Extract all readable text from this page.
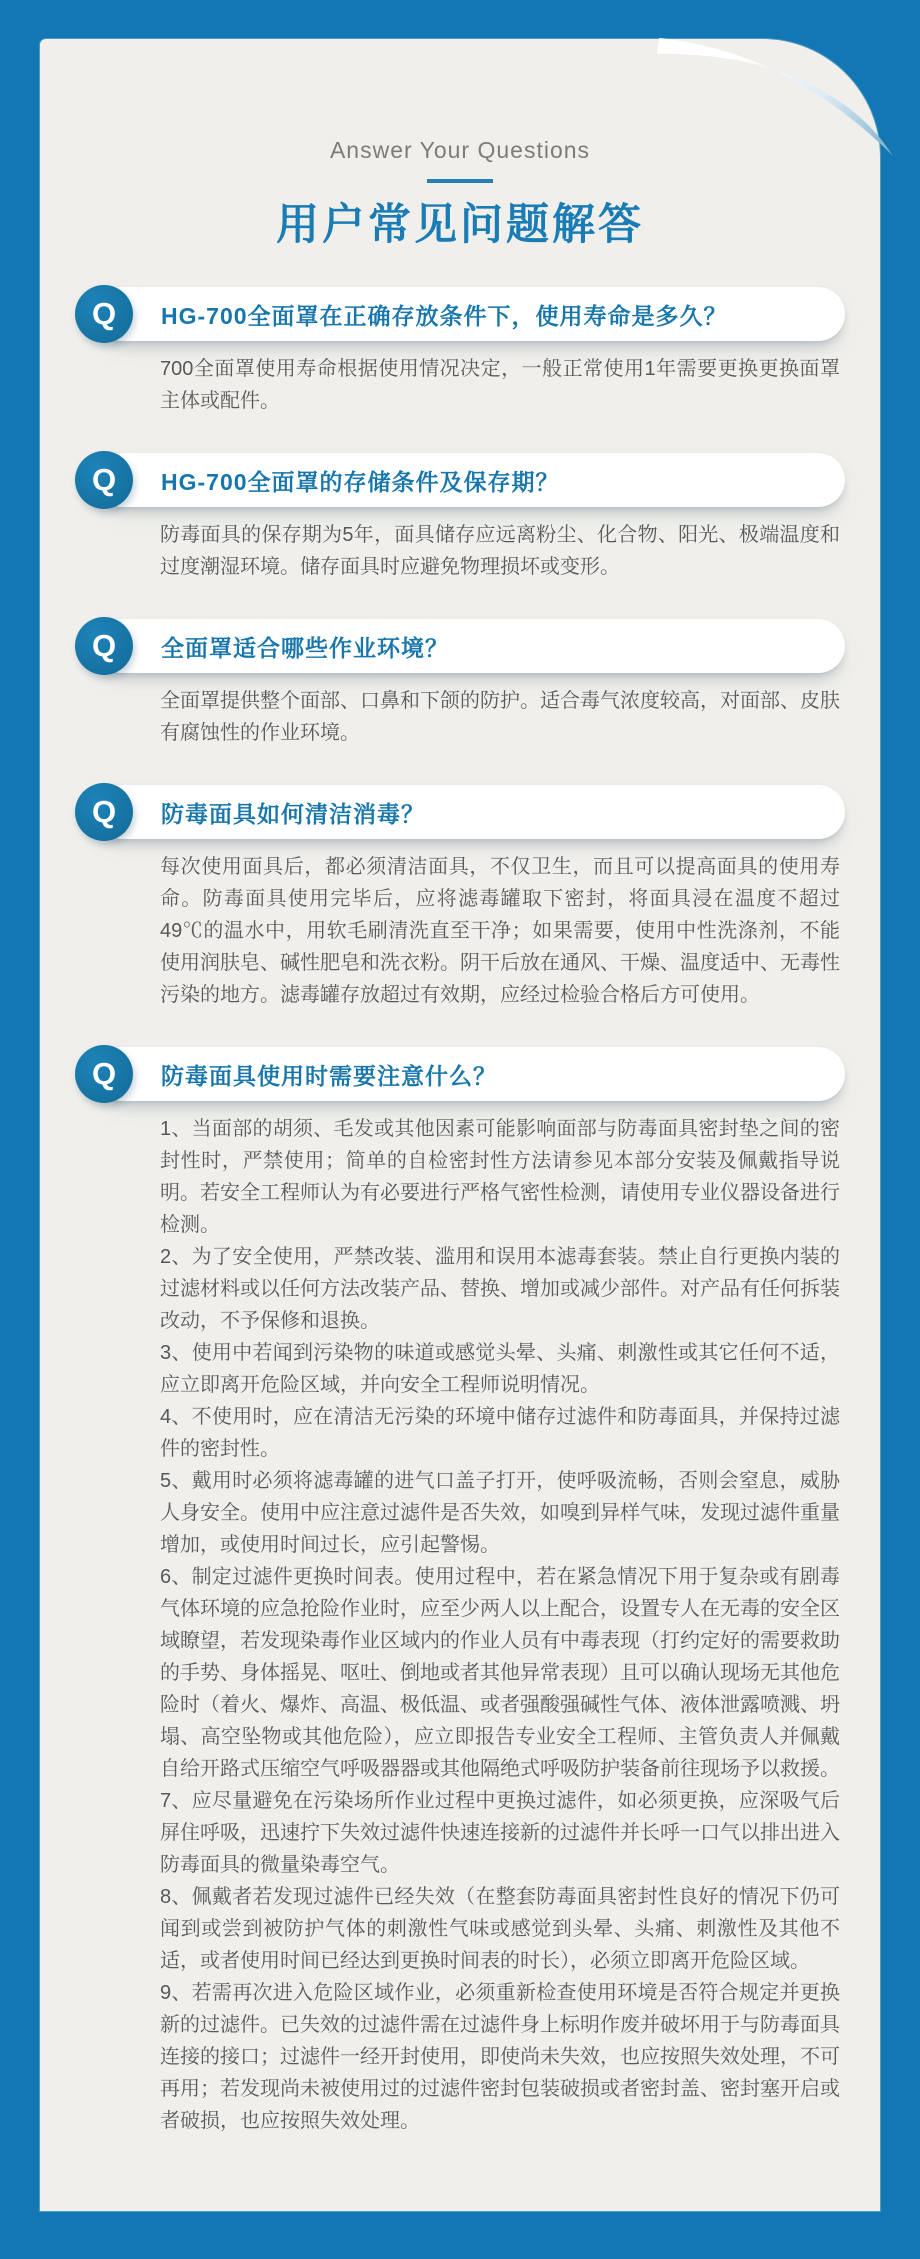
Answer Your Questions
用户常见问题解答
Q	HG-700全面罩在正确存放条件下，使用寿命是多久？

700全面罩使用寿命根据使用情况决定，一般正常使用1年需要更换更换面罩主体或配件。

Q	HG-700全面罩的存储条件及保存期？

防毒面具的保存期为5年，面具储存应远离粉尘、化合物、阳光、极端温度和过度潮湿环境。储存面具时应避免物理损坏或变形。

Q	全面罩适合哪些作业环境？

全面罩提供整个面部、口鼻和下颌的防护。适合毒气浓度较高，对面部、皮肤有腐蚀性的作业环境。

Q	防毒面具如何清洁消毒？

每次使用面具后，都必须清洁面具，不仅卫生，而且可以提高面具的使用寿命。防毒面具使用完毕后，应将滤毒罐取下密封，将面具浸在温度不超过49℃的温水中，用软毛刷清洗直至干净；如果需要，使用中性洗涤剂，不能使用润肤皂、碱性肥皂和洗衣粉。阴干后放在通风、干燥、温度适中、无毒性污染的地方。滤毒罐存放超过有效期，应经过检验合格后方可使用。

Q	防毒面具使用时需要注意什么？

1、当面部的胡须、毛发或其他因素可能影响面部与防毒面具密封垫之间的密封性时，严禁使用；简单的自检密封性方法请参见本部分安装及佩戴指导说明。若安全工程师认为有必要进行严格气密性检测，请使用专业仪器设备进行检测。

2、为了安全使用，严禁改装、滥用和误用本滤毒套装。禁止自行更换内装的过滤材料或以任何方法改装产品、替换、增加或减少部件。对产品有任何拆装改动，不予保修和退换。

3、使用中若闻到污染物的味道或感觉头晕、头痛、刺激性或其它任何不适，应立即离开危险区域，并向安全工程师说明情况。

4、不使用时，应在清洁无污染的环境中储存过滤件和防毒面具，并保持过滤件的密封性。

5、戴用时必须将滤毒罐的进气口盖子打开，使呼吸流畅，否则会窒息，威胁人身安全。使用中应注意过滤件是否失效，如嗅到异样气味，发现过滤件重量增加，或使用时间过长，应引起警惕。

6、制定过滤件更换时间表。使用过程中，若在紧急情况下用于复杂或有剧毒气体环境的应急抢险作业时，应至少两人以上配合，设置专人在无毒的安全区域瞭望，若发现染毒作业区域内的作业人员有中毒表现（打约定好的需要救助的手势、身体摇晃、呕吐、倒地或者其他异常表现）且可以确认现场无其他危险时（着火、爆炸、高温、极低温、或者强酸强碱性气体、液体泄露喷溅、坍塌、高空坠物或其他危险），应立即报告专业安全工程师、主管负责人并佩戴自给开路式压缩空气呼吸器器或其他隔绝式呼吸防护装备前往现场予以救援。

7、应尽量避免在污染场所作业过程中更换过滤件，如必须更换，应深吸气后屏住呼吸，迅速拧下失效过滤件快速连接新的过滤件并长呼一口气以排出进入防毒面具的微量染毒空气。

8、佩戴者若发现过滤件已经失效（在整套防毒面具密封性良好的情况下仍可闻到或尝到被防护气体的刺激性气味或感觉到头晕、头痛、刺激性及其他不适，或者使用时间已经达到更换时间表的时长），必须立即离开危险区域。

9、若需再次进入危险区域作业，必须重新检查使用环境是否符合规定并更换新的过滤件。已失效的过滤件需在过滤件身上标明作废并破坏用于与防毒面具连接的接口；过滤件一经开封使用，即使尚未失效，也应按照失效处理，不可再用；若发现尚未被使用过的过滤件密封包装破损或者密封盖、密封塞开启或者破损，也应按照失效处理。
